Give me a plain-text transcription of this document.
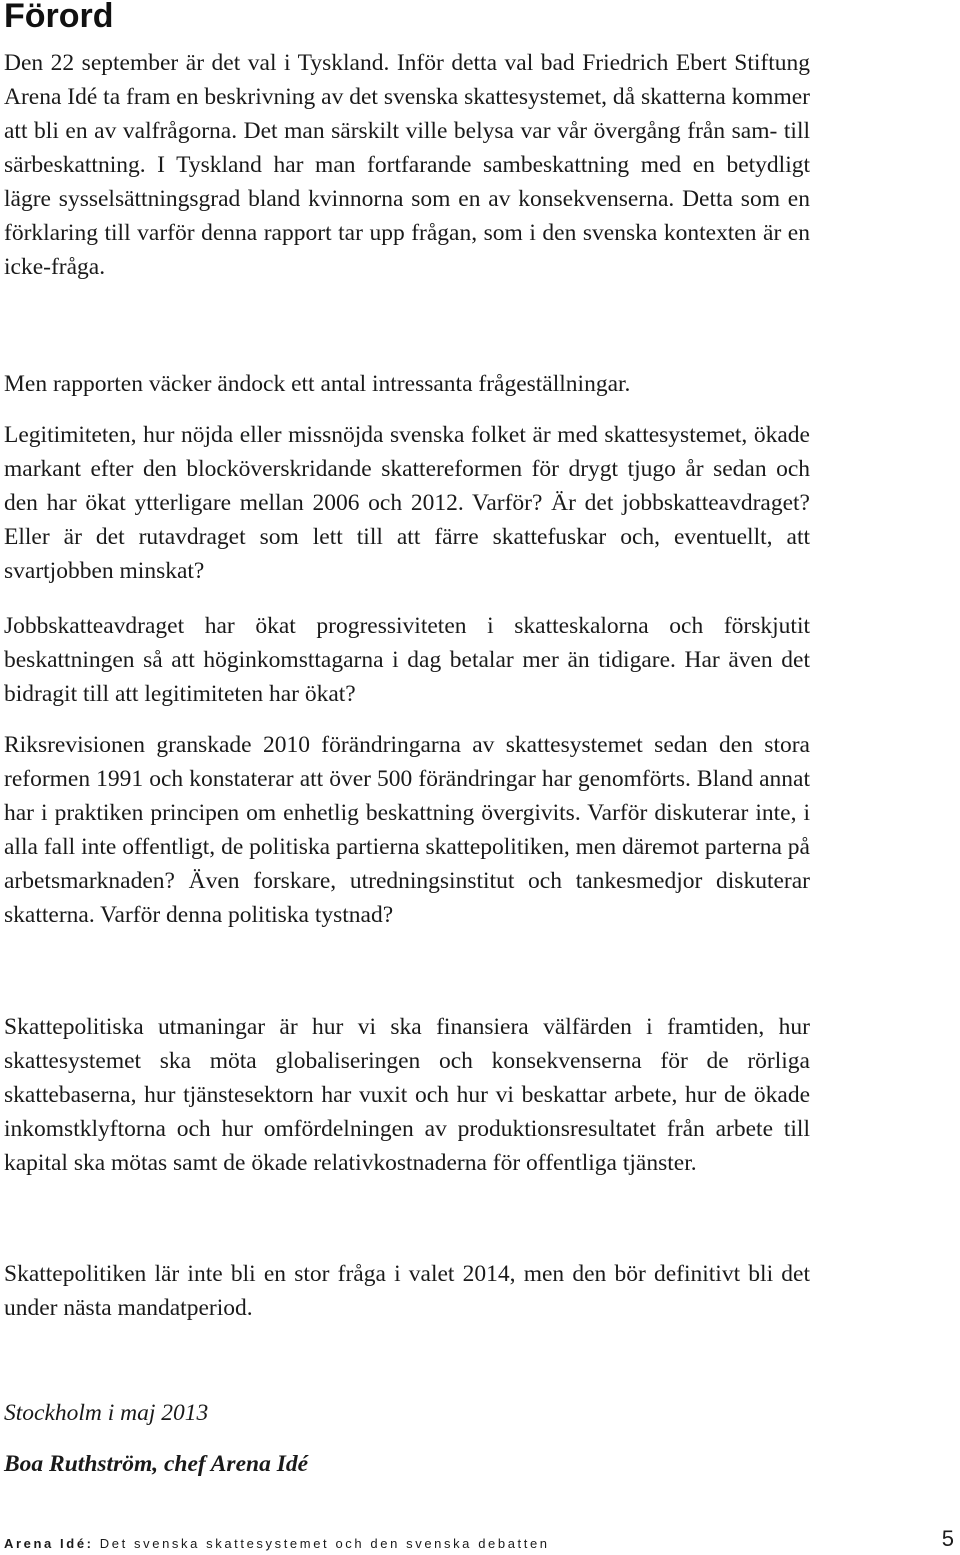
Förord

Den 22 september är det val i Tyskland. Inför detta val bad Friedrich Ebert Stiftung Arena Idé ta fram en beskrivning av det svenska skattesystemet, då skatterna kommer att bli en av valfrågorna. Det man särskilt ville belysa var vår övergång från sam- till särbeskattning. I Tyskland har man fortfarande sambeskattning med en betydligt lägre sysselsättningsgrad bland kvinnorna som en av konsekvenserna. Detta som en förklaring till varför denna rapport tar upp frågan, som i den svenska kontexten är en icke-fråga.

Men rapporten väcker ändock ett antal intressanta frågeställningar.

Legitimiteten, hur nöjda eller missnöjda svenska folket är med skattesystemet, ökade markant efter den blocköverskridande skattereformen för drygt tjugo år sedan och den har ökat ytterligare mellan 2006 och 2012. Varför? Är det jobbskatteavdraget? Eller är det rutavdraget som lett till att färre skattefuskar och, eventuellt, att svartjobben minskat?

Jobbskatteavdraget har ökat progressiviteten i skatteskalorna och förskjutit beskattningen så att höginkomsttagarna i dag betalar mer än tidigare. Har även det bidragit till att legitimiteten har ökat?

Riksrevisionen granskade 2010 förändringarna av skattesystemet sedan den stora reformen 1991 och konstaterar att över 500 förändringar har genomförts. Bland annat har i praktiken principen om enhetlig beskattning övergivits. Varför diskuterar inte, i alla fall inte offentligt, de politiska partierna skattepolitiken, men däremot parterna på arbetsmarknaden? Även forskare, utredningsinstitut och tankesmedjor diskuterar skatterna. Varför denna politiska tystnad?

Skattepolitiska utmaningar är hur vi ska finansiera välfärden i framtiden, hur skattesystemet ska möta globaliseringen och konsekvenserna för de rörliga skattebaserna, hur tjänstesektorn har vuxit och hur vi beskattar arbete, hur de ökade inkomstklyftorna och hur omfördelningen av produktionsresultatet från arbete till kapital ska mötas samt de ökade relativkostnaderna för offentliga tjänster.

Skattepolitiken lär inte bli en stor fråga i valet 2014, men den bör definitivt bli det under nästa mandatperiod.

Stockholm i maj 2013

Boa Ruthström, chef Arena Idé

Arena Idé: Det svenska skattesystemet och den svenska debatten	5
